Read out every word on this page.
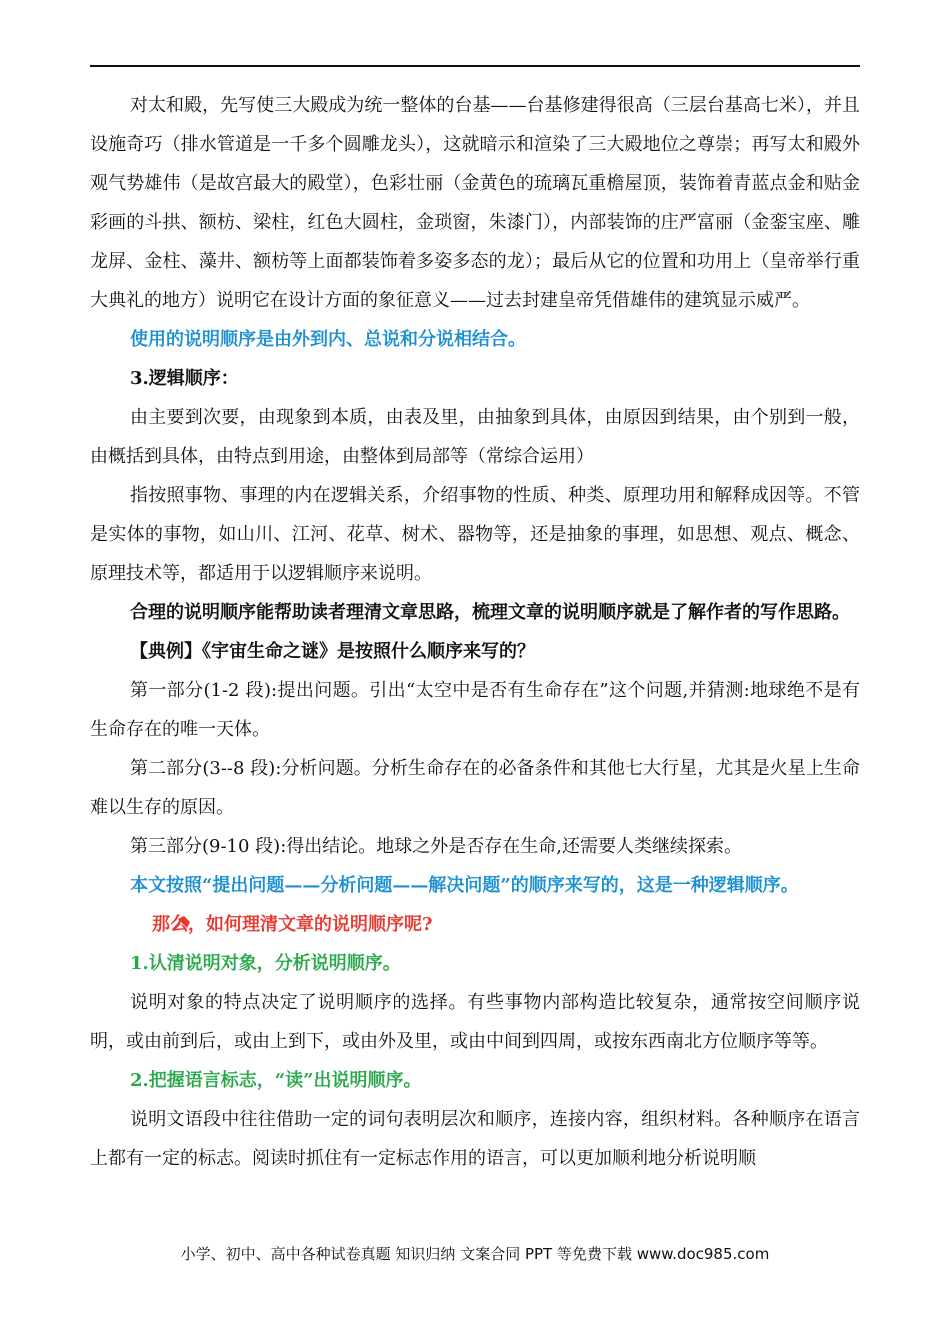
对太和殿，先写使三大殿成为统一整体的台基——台基修建得很高（三层台基高七米），并且设施奇巧（排水管道是一千多个圆雕龙头），这就暗示和渲染了三大殿地位之尊崇；再写太和殿外观气势雄伟（是故宫最大的殿堂），色彩壮丽（金黄色的琉璃瓦重檐屋顶，装饰着青蓝点金和贴金彩画的斗拱、额枋、梁柱，红色大圆柱，金琐窗，朱漆门），内部装饰的庄严富丽（金銮宝座、雕龙屏、金柱、藻井、额枋等上面都装饰着多姿多态的龙）；最后从它的位置和功用上（皇帝举行重大典礼的地方）说明它在设计方面的象征意义——过去封建皇帝凭借雄伟的建筑显示威严。

使用的说明顺序是由外到内、总说和分说相结合。

3.逻辑顺序：

由主要到次要，由现象到本质，由表及里，由抽象到具体，由原因到结果，由个别到一般，由概括到具体，由特点到用途，由整体到局部等（常综合运用）

指按照事物、事理的内在逻辑关系，介绍事物的性质、种类、原理功用和解释成因等。不管是实体的事物，如山川、江河、花草、树术、器物等，还是抽象的事理，如思想、观点、概念、原理技术等，都适用于以逻辑顺序来说明。

合理的说明顺序能帮助读者理清文章思路，梳理文章的说明顺序就是了解作者的写作思路。

【典例】《宇宙生命之谜》是按照什么顺序来写的？

第一部分(1-2 段):提出问题。引出“太空中是否有生命存在”这个问题,并猜测:地球绝不是有生命存在的唯一天体。

第二部分(3--8 段):分析问题。分析生命存在的必备条件和其他七大行星，尤其是火星上生命难以生存的原因。

第三部分(9-10 段):得出结论。地球之外是否存在生命,还需要人类继续探索。

本文按照“提出问题——分析问题——解决问题”的顺序来写的，这是一种逻辑顺序。

那么，如何理清文章的说明顺序呢?

1.认清说明对象，分析说明顺序。

说明对象的特点决定了说明顺序的选择。有些事物内部构造比较复杂，通常按空间顺序说明，或由前到后，或由上到下，或由外及里，或由中间到四周，或按东西南北方位顺序等等。

2.把握语言标志，“读”出说明顺序。

说明文语段中往往借助一定的词句表明层次和顺序，连接内容，组织材料。各种顺序在语言上都有一定的标志。阅读时抓住有一定标志作用的语言，可以更加顺利地分析说明顺

小学、初中、高中各种试卷真题 知识归纳 文案合同 PPT 等免费下载 www.doc985.com
